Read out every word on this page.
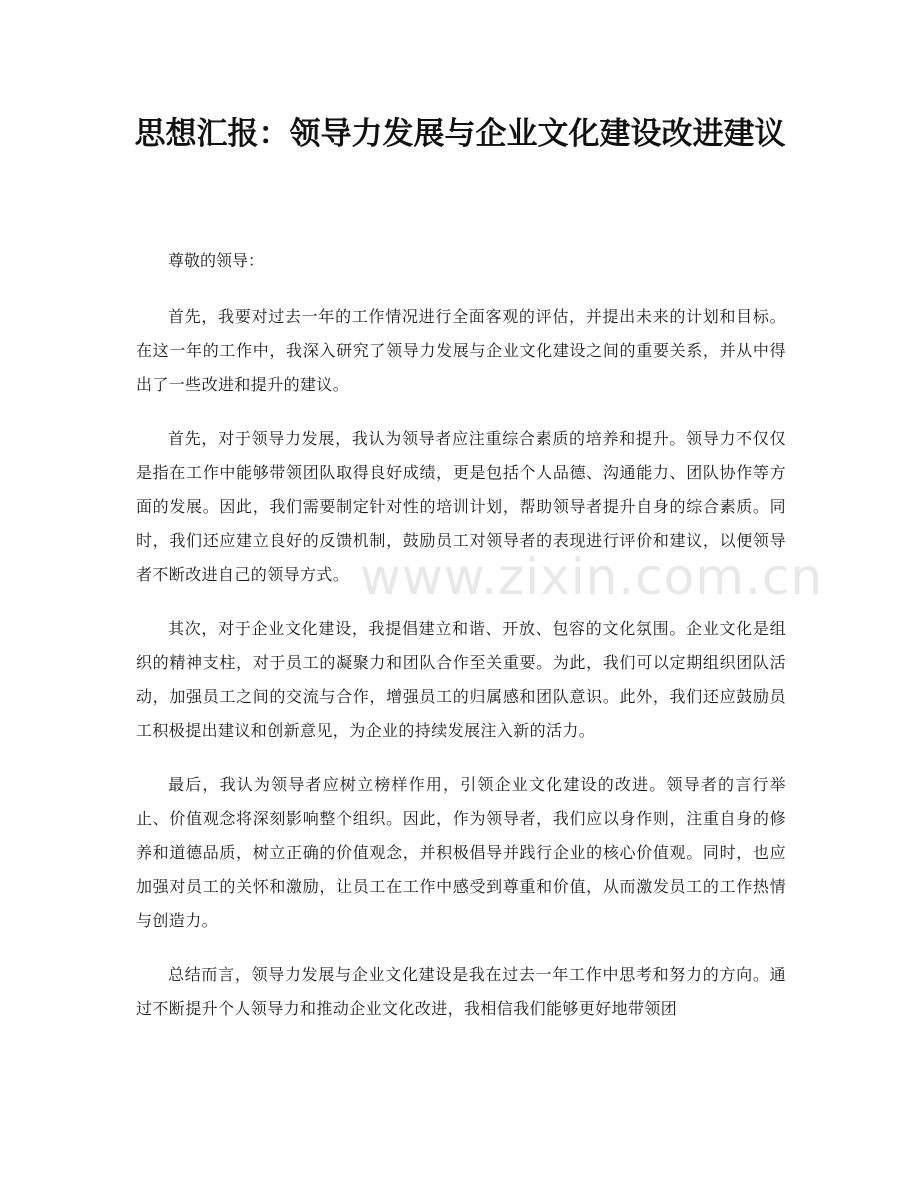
思想汇报：领导力发展与企业文化建设改进建议

尊敬的领导：

首先，我要对过去一年的工作情况进行全面客观的评估，并提出未来的计划和目标。在这一年的工作中，我深入研究了领导力发展与企业文化建设之间的重要关系，并从中得出了一些改进和提升的建议。

首先，对于领导力发展，我认为领导者应注重综合素质的培养和提升。领导力不仅仅是指在工作中能够带领团队取得良好成绩，更是包括个人品德、沟通能力、团队协作等方面的发展。因此，我们需要制定针对性的培训计划，帮助领导者提升自身的综合素质。同时，我们还应建立良好的反馈机制，鼓励员工对领导者的表现进行评价和建议，以便领导者不断改进自己的领导方式。

其次，对于企业文化建设，我提倡建立和谐、开放、包容的文化氛围。企业文化是组织的精神支柱，对于员工的凝聚力和团队合作至关重要。为此，我们可以定期组织团队活动，加强员工之间的交流与合作，增强员工的归属感和团队意识。此外，我们还应鼓励员工积极提出建议和创新意见，为企业的持续发展注入新的活力。

最后，我认为领导者应树立榜样作用，引领企业文化建设的改进。领导者的言行举止、价值观念将深刻影响整个组织。因此，作为领导者，我们应以身作则，注重自身的修养和道德品质，树立正确的价值观念，并积极倡导并践行企业的核心价值观。同时，也应加强对员工的关怀和激励，让员工在工作中感受到尊重和价值，从而激发员工的工作热情与创造力。

总结而言，领导力发展与企业文化建设是我在过去一年工作中思考和努力的方向。通过不断提升个人领导力和推动企业文化改进，我相信我们能够更好地带领团

www.zixin.com.cn
